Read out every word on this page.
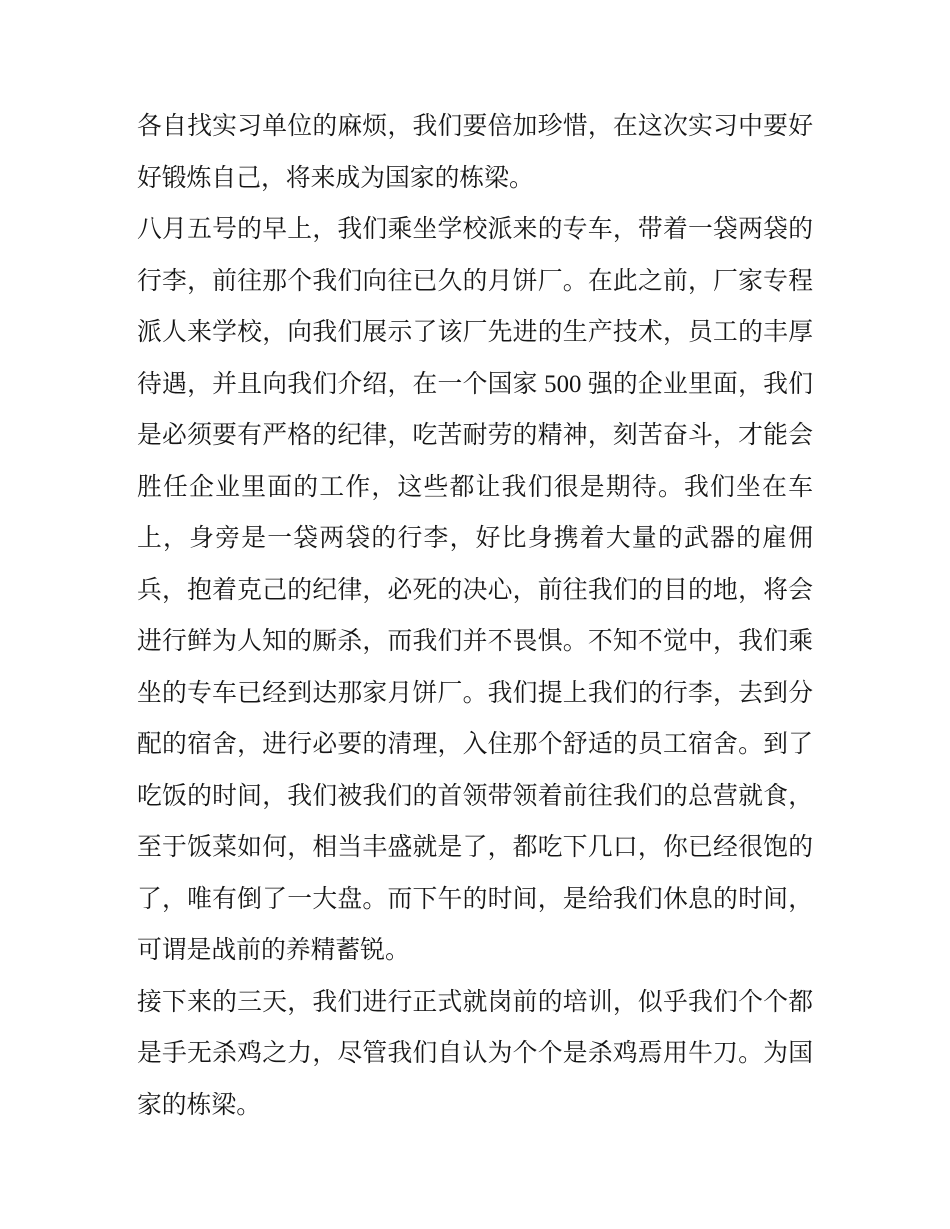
各自找实习单位的麻烦，我们要倍加珍惜，在这次实习中要好
好锻炼自己，将来成为国家的栋梁。
八月五号的早上，我们乘坐学校派来的专车，带着一袋两袋的
行李，前往那个我们向往已久的月饼厂。在此之前，厂家专程
派人来学校，向我们展示了该厂先进的生产技术，员工的丰厚
待遇，并且向我们介绍，在一个国家 500 强的企业里面，我们
是必须要有严格的纪律，吃苦耐劳的精神，刻苦奋斗，才能会
胜任企业里面的工作，这些都让我们很是期待。我们坐在车
上，身旁是一袋两袋的行李，好比身携着大量的武器的雇佣
兵，抱着克己的纪律，必死的决心，前往我们的目的地，将会
进行鲜为人知的厮杀，而我们并不畏惧。不知不觉中，我们乘
坐的专车已经到达那家月饼厂。我们提上我们的行李，去到分
配的宿舍，进行必要的清理，入住那个舒适的员工宿舍。到了
吃饭的时间，我们被我们的首领带领着前往我们的总营就食，
至于饭菜如何，相当丰盛就是了，都吃下几口，你已经很饱的
了，唯有倒了一大盘。而下午的时间，是给我们休息的时间，
可谓是战前的养精蓄锐。
接下来的三天，我们进行正式就岗前的培训，似乎我们个个都
是手无杀鸡之力，尽管我们自认为个个是杀鸡焉用牛刀。为国
家的栋梁。
